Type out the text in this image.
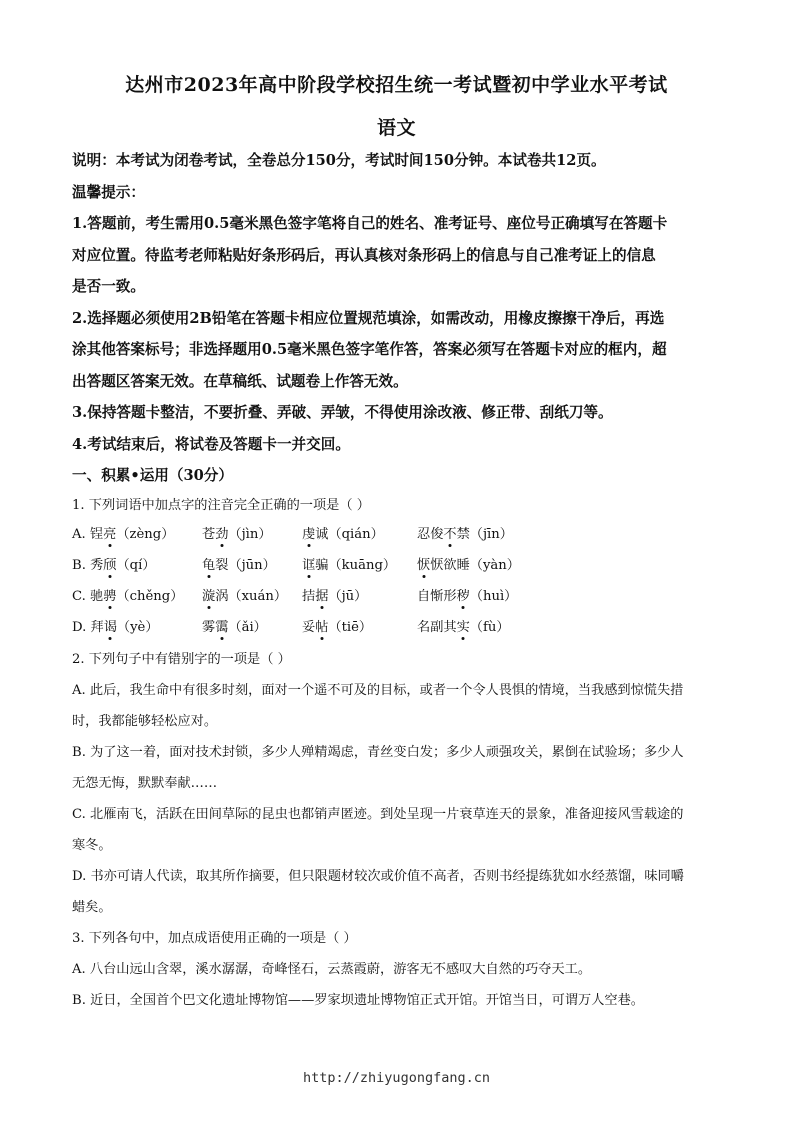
达州市2023年高中阶段学校招生统一考试暨初中学业水平考试
语文
说明：本考试为闭卷考试，全卷总分150分，考试时间150分钟。本试卷共12页。
温馨提示：
1.答题前，考生需用0.5毫米黑色签字笔将自己的姓名、准考证号、座位号正确填写在答题卡
对应位置。待监考老师粘贴好条形码后，再认真核对条形码上的信息与自己准考证上的信息
是否一致。
2.选择题必须使用2B铅笔在答题卡相应位置规范填涂，如需改动，用橡皮擦擦干净后，再选
涂其他答案标号；非选择题用0.5毫米黑色签字笔作答，答案必须写在答题卡对应的框内，超
出答题区答案无效。在草稿纸、试题卷上作答无效。
3.保持答题卡整洁，不要折叠、弄破、弄皱，不得使用涂改液、修正带、刮纸刀等。
4.考试结束后，将试卷及答题卡一并交回。
一、积累•运用（30分）
1. 下列词语中加点字的注音完全正确的一项是（ ）
A. 锃亮（zèng） 苍劲（jìn） 虔诚（qián）	忍俊不禁（jīn）
B. 秀颀（qí）	龟裂（jūn） 诓骗（kuāng） 恹恹欲睡（yàn）
C. 驰骋（chěng） 漩涡（xuán） 拮据（jū）	自惭形秽（huì）
D. 拜谒（yè）	雾霭（ǎi）	妥帖（tiē）	名副其实（fù）
2. 下列句子中有错别字的一项是（ ）
A. 此后，我生命中有很多时刻，面对一个遥不可及的目标，或者一个令人畏惧的情境，当我感到惊慌失措
时，我都能够轻松应对。
B. 为了这一着，面对技术封锁，多少人殚精竭虑，青丝变白发；多少人顽强攻关，累倒在试验场；多少人
无怨无悔，默默奉献……
C. 北雁南飞，活跃在田间草际的昆虫也都销声匿迹。到处呈现一片衰草连天的景象，准备迎接风雪载途的
寒冬。
D. 书亦可请人代读，取其所作摘要，但只限题材较次或价值不高者，否则书经提练犹如水经蒸馏，味同嚼
蜡矣。
3. 下列各句中，加点成语使用正确的一项是（ ）
A. 八台山远山含翠，溪水潺潺，奇峰怪石，云蒸霞蔚，游客无不感叹大自然的巧夺天工。
B. 近日，全国首个巴文化遗址博物馆——罗家坝遗址博物馆正式开馆。开馆当日，可谓万人空巷。
http://zhiyugongfang.cn
